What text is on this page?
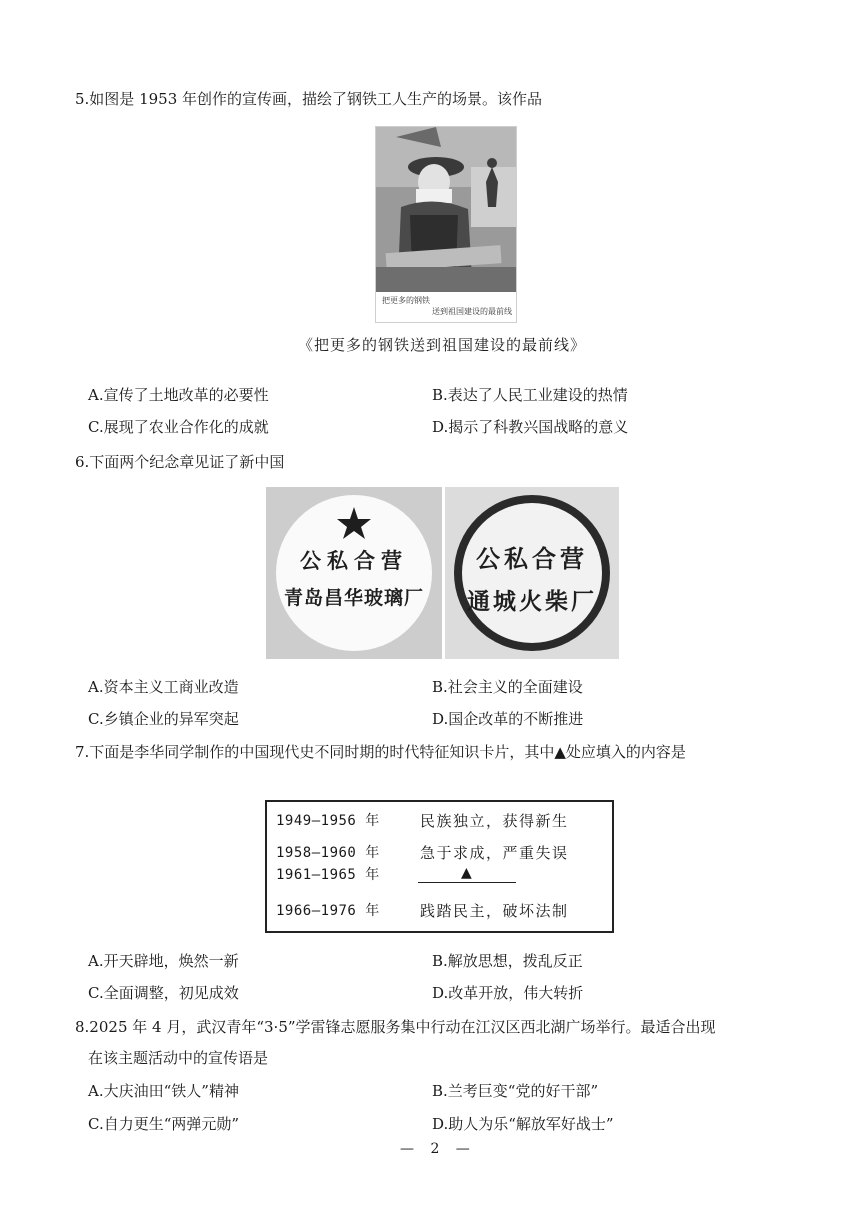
5.如图是 1953 年创作的宣传画，描绘了钢铁工人生产的场景。该作品
把更多的钢铁
送到祖国建设的最前线
《把更多的钢铁送到祖国建设的最前线》
A.宣传了土地改革的必要性	B.表达了人民工业建设的热情
C.展现了农业合作化的成就	D.揭示了科教兴国战略的意义
6.下面两个纪念章见证了新中国
公私合营
青岛昌华玻璃厂
公私合营
通城火柴厂
A.资本主义工商业改造	B.社会主义的全面建设
C.乡镇企业的异军突起	D.国企改革的不断推进
7.下面是李华同学制作的中国现代史不同时期的时代特征知识卡片，其中▲处应填入的内容是
1949—1956 年	民族独立，获得新生
1958—1960 年	急于求成，严重失误
1961—1965 年	▲
1966—1976 年	践踏民主，破坏法制
A.开天辟地，焕然一新	B.解放思想，拨乱反正
C.全面调整，初见成效	D.改革开放，伟大转折
8.2025 年 4 月，武汉青年“3·5”学雷锋志愿服务集中行动在江汉区西北湖广场举行。最适合出现
在该主题活动中的宣传语是
A.大庆油田“铁人”精神	B.兰考巨变“党的好干部”
C.自力更生“两弹元勋”	D.助人为乐“解放军好战士”
— 2 —
